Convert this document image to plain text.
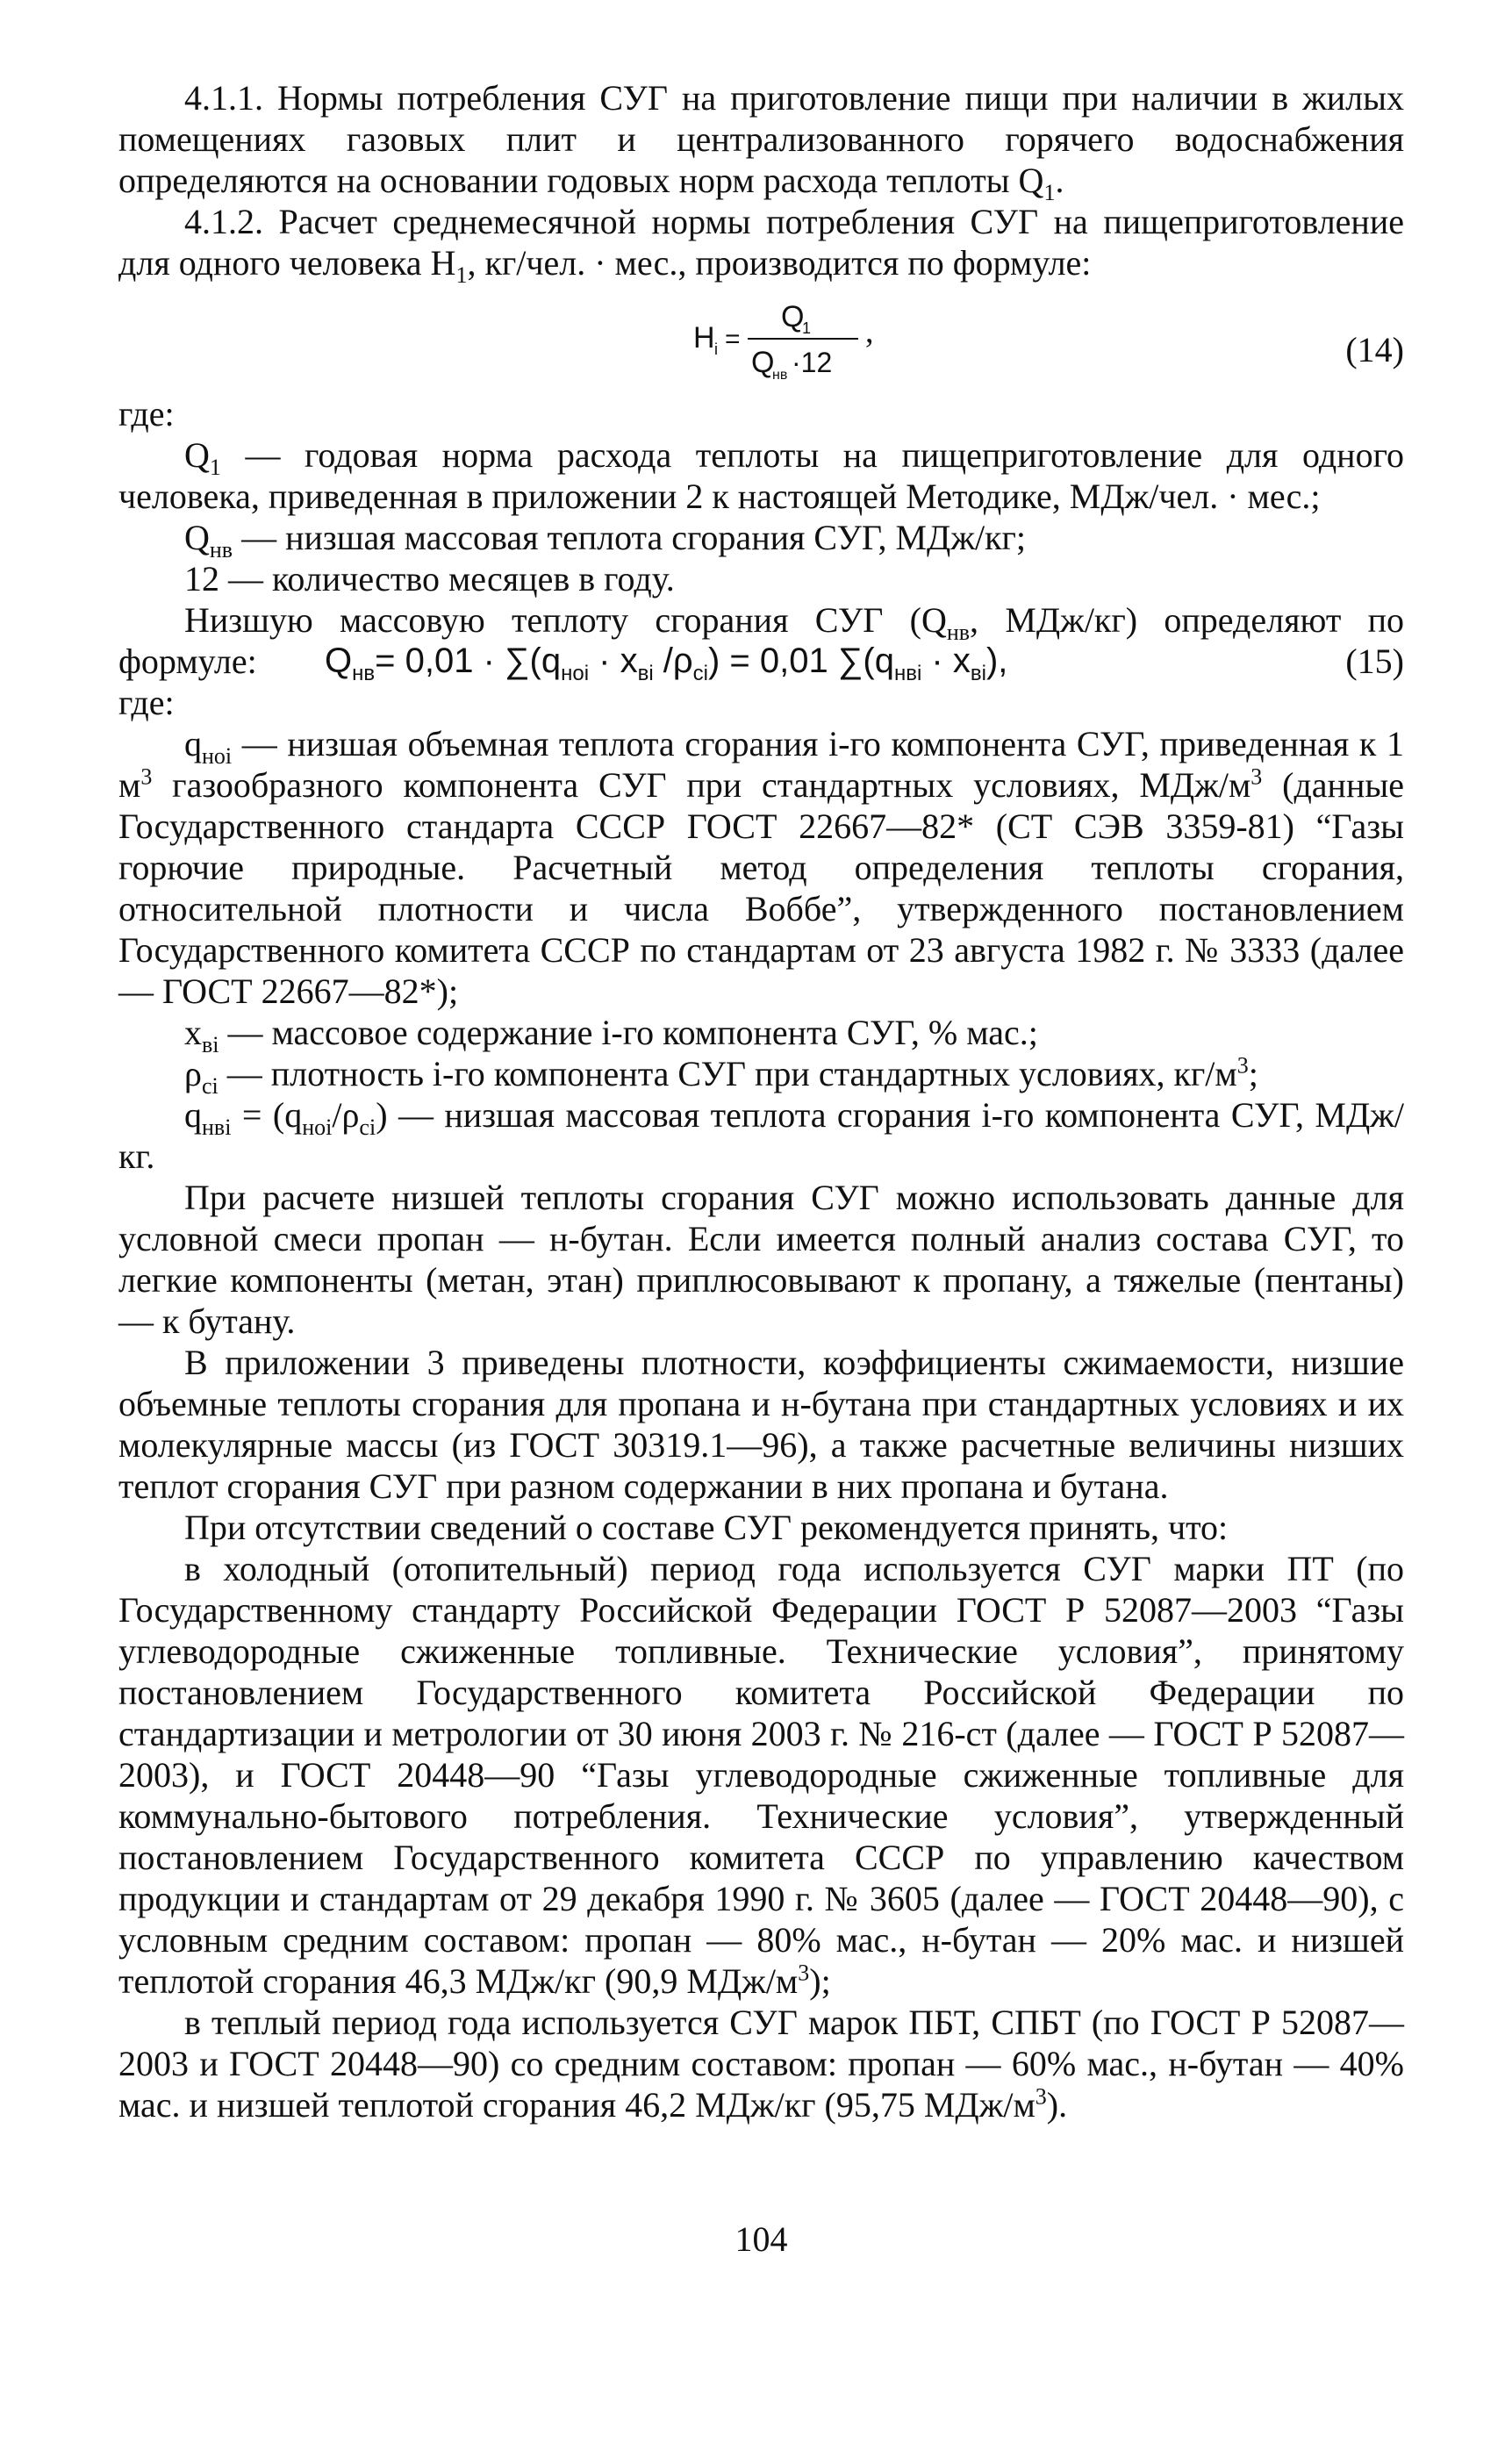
4.1.1. Нормы потребления СУГ на приготовление пищи при наличии в жилых помещениях газовых плит и централизованного горячего водоснабжения определяются на основании годовых норм расхода теплоты $Q_1$.

4.1.2. Расчет среднемесячной нормы потребления СУГ на пищеприготовление для одного человека $Н_1$, кг/чел. · мес., производится по формуле:

H i =
Q
1
Q
нв ·12
,	(14)

где:

$Q_1$ — годовая норма расхода теплоты на пищеприготовление для одного человека, приведенная в приложении 2 к настоящей Методике, МДж/чел. · мес.;

$Q_{нв}$ — низшая массовая теплота сгорания СУГ, МДж/кг;

12 — количество месяцев в году.

Низшую массовую теплоту сгорания СУГ ($Q_{нв}$, МДж/кг) определяют по формуле:	$Q_{нв}= 0,01 \cdot \sum(q_{нoi} \cdot x_{вi}$ $/\rho_{ci}) = 0,01$ $\sum(q_{нвi} \cdot x_{вi})$,	(15)

где:

$q_{нoi}$ — низшая объемная теплота сгорания i-го компонента СУГ, приведенная к 1 $м^3$ газообразного компонента СУГ при стандартных условиях, МДж/$м^3$ (данные Государственного стандарта СССР ГОСТ 22667—82* (СТ СЭВ 3359-81) “Газы горючие природные. Расчетный метод определения теплоты сгорания, относительной плотности и числа Воббе”, утвержденного постановлением Государственного комитета СССР по стандартам от 23 августа 1982 г. № 3333 (далее — ГОСТ 22667—82*);

$x_{вi}$ — массовое содержание i-го компонента СУГ, % мас.;

$\rho_{ci}$ — плотность i-го компонента СУГ при стандартных условиях, $кг/м^3$;

$q_{нвi} = (q_{нoi}/\rho_{ci})$ — низшая массовая теплота сгорания i-го компонента СУГ, МДж/кг.

При расчете низшей теплоты сгорания СУГ можно использовать данные для условной смеси пропан — н-бутан. Если имеется полный анализ состава СУГ, то легкие компоненты (метан, этан) приплюсовывают к пропану, а тяжелые (пентаны) — к бутану.

В приложении 3 приведены плотности, коэффициенты сжимаемости, низшие объемные теплоты сгорания для пропана и н-бутана при стандартных условиях и их молекулярные массы (из ГОСТ 30319.1—96), а также расчетные величины низших теплот сгорания СУГ при разном содержании в них пропана и бутана.

При отсутствии сведений о составе СУГ рекомендуется принять, что:

в холодный (отопительный) период года используется СУГ марки ПТ (по Государственному стандарту Российской Федерации ГОСТ Р 52087—2003 “Газы углеводородные сжиженные топливные. Технические условия”, принятому постановлением Государственного комитета Российской Федерации по стандартизации и метрологии от 30 июня 2003 г. № 216-ст (далее — ГОСТ Р 52087—2003), и ГОСТ 20448—90 “Газы углеводородные сжиженные топливные для коммунально-бытового потребления. Технические условия”, утвержденный постановлением Государственного комитета СССР по управлению качеством продукции и стандартам от 29 декабря 1990 г. № 3605 (далее — ГОСТ 20448—90), с условным средним составом: пропан — 80% мас., н-бутан — 20% мас. и низшей теплотой сгорания 46,3 МДж/кг (90,9 МДж/$м^3$);

в теплый период года используется СУГ марок ПБТ, СПБТ (по ГОСТ Р 52087—2003 и ГОСТ 20448—90) со средним составом: пропан — 60% мас., н-бутан — 40% мас. и низшей теплотой сгорания 46,2 МДж/кг (95,75 МДж/$м^3$).

104
